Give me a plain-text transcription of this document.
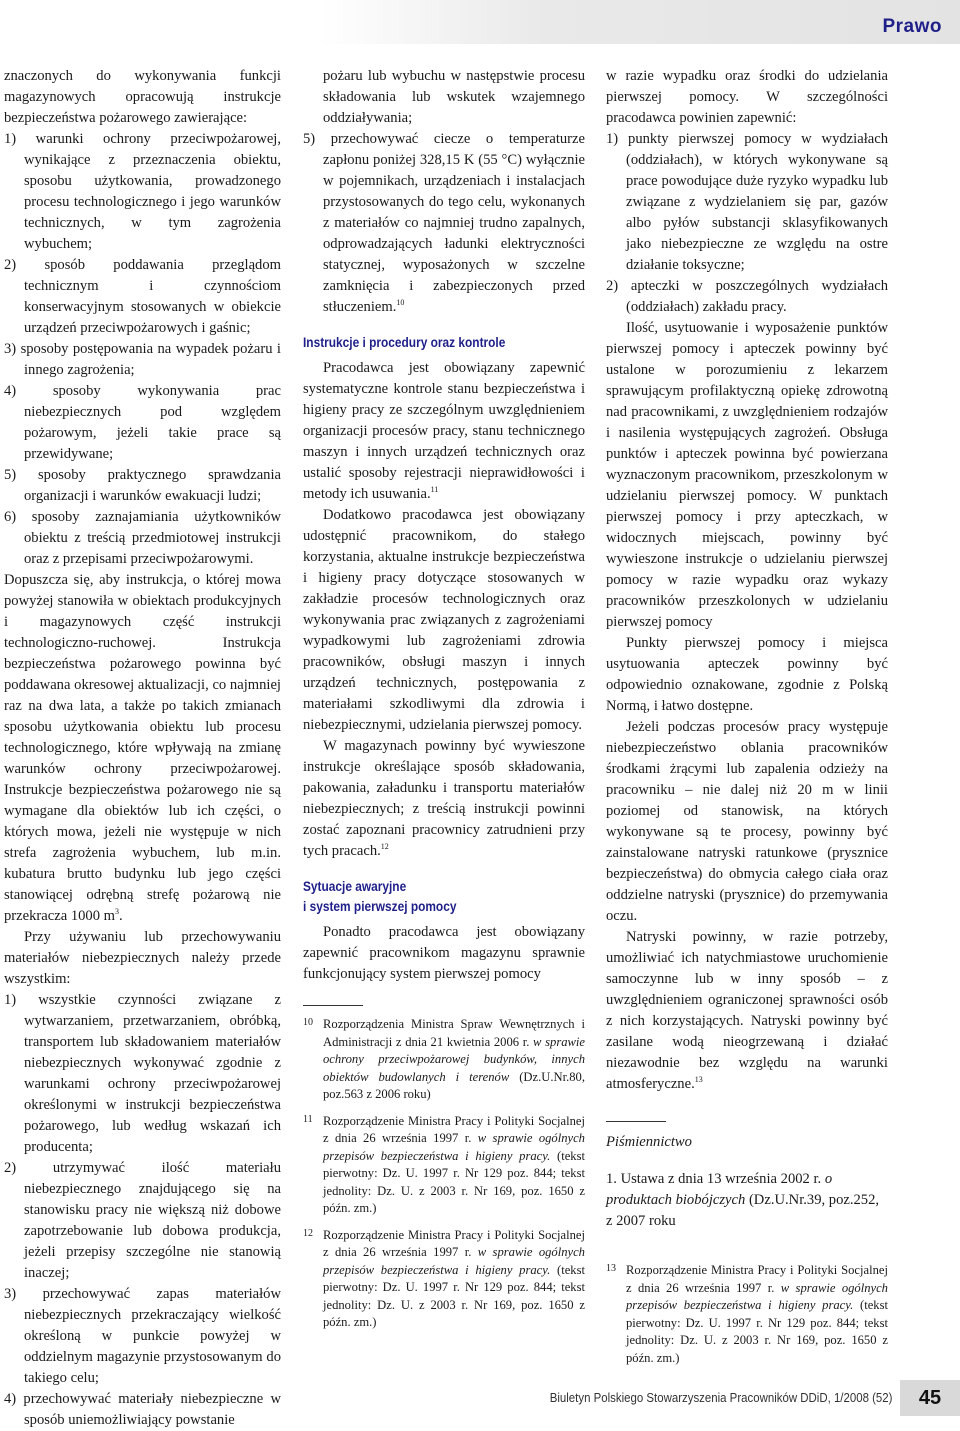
Prawo

znaczonych do wykonywania funkcji magazynowych opracowują instrukcje bezpieczeństwa pożarowego zawierające:

1) warunki ochrony przeciwpożarowej, wynikające z przeznaczenia obiektu, sposobu użytkowania, prowadzonego procesu technologicznego i jego warunków technicznych, w tym zagrożenia wybuchem;

2) sposób poddawania przeglądom technicznym i czynnościom konserwacyjnym stosowanych w obiekcie urządzeń przeciwpożarowych i gaśnic;

3) sposoby postępowania na wypadek pożaru i innego zagrożenia;

4) sposoby wykonywania prac niebezpiecznych pod względem pożarowym, jeżeli takie prace są przewidywane;

5) sposoby praktycznego sprawdzania organizacji i warunków ewakuacji ludzi;

6) sposoby zaznajamiania użytkowników obiektu z treścią przedmiotowej instrukcji oraz z przepisami przeciwpożarowymi.

Dopuszcza się, aby instrukcja, o której mowa powyżej stanowiła w obiektach produkcyjnych i magazynowych część instrukcji technologiczno-ruchowej. Instrukcja bezpieczeństwa pożarowego powinna być poddawana okresowej aktualizacji, co najmniej raz na dwa lata, a także po takich zmianach sposobu użytkowania obiektu lub procesu technologicznego, które wpływają na zmianę warunków ochrony przeciwpożarowej. Instrukcje bezpieczeństwa pożarowego nie są wymagane dla obiektów lub ich części, o których mowa, jeżeli nie występuje w nich strefa zagrożenia wybuchem, lub m.in. kubatura brutto budynku lub jego części stanowiącej odrębną strefę pożarową nie przekracza 1000 $m^3$.

Przy używaniu lub przechowywaniu materiałów niebezpiecznych należy przede wszystkim:

1) wszystkie czynności związane z wytwarzaniem, przetwarzaniem, obróbką, transportem lub składowaniem materiałów niebezpiecznych wykonywać zgodnie z warunkami ochrony przeciwpożarowej określonymi w instrukcji bezpieczeństwa pożarowego, lub według wskazań ich producenta;

2) utrzymywać ilość materiału niebezpiecznego znajdującego się na stanowisku pracy nie większą niż dobowe zapotrzebowanie lub dobowa produkcja, jeżeli przepisy szczególne nie stanowią inaczej;

3) przechowywać zapas materiałów niebezpiecznych przekraczający wielkość określoną w punkcie powyżej w oddzielnym magazynie przystosowanym do takiego celu;

4) przechowywać materiały niebezpieczne w sposób uniemożliwiający powstanie

pożaru lub wybuchu w następstwie procesu składowania lub wskutek wzajemnego oddziaływania;

5) przechowywać ciecze o temperaturze zapłonu poniżej 328,15 K (55 °C) wyłącznie w pojemnikach, urządzeniach i instalacjach przystosowanych do tego celu, wykonanych z materiałów co najmniej trudno zapalnych, odprowadzających ładunki elektryczności statycznej, wyposażonych w szczelne zamknięcia i zabezpieczonych przed stłuczeniem.$^{10}$

Instrukcje i procedury oraz kontrole

Pracodawca jest obowiązany zapewnić systematyczne kontrole stanu bezpieczeństwa i higieny pracy ze szczególnym uwzględnieniem organizacji procesów pracy, stanu technicznego maszyn i innych urządzeń technicznych oraz ustalić sposoby rejestracji nieprawidłowości i metody ich usuwania.$^{11}$

Dodatkowo pracodawca jest obowiązany udostępnić pracownikom, do stałego korzystania, aktualne instrukcje bezpieczeństwa i higieny pracy dotyczące stosowanych w zakładzie procesów technologicznych oraz wykonywania prac związanych z zagrożeniami wypadkowymi lub zagrożeniami zdrowia pracowników, obsługi maszyn i innych urządzeń technicznych, postępowania z materiałami szkodliwymi dla zdrowia i niebezpiecznymi, udzielania pierwszej pomocy.

W magazynach powinny być wywieszone instrukcje określające sposób składowania, pakowania, załadunku i transportu materiałów niebezpiecznych; z treścią instrukcji powinni zostać zapoznani pracownicy zatrudnieni przy tych pracach.$^{12}$

Sytuacje awaryjne

i system pierwszej pomocy

Ponadto pracodawca jest obowiązany zapewnić pracownikom magazynu sprawnie funkcjonujący system pierwszej pomocy

10 Rozporządzenia Ministra Spraw Wewnętrznych i Administracji z dnia 21 kwietnia 2006 r. w sprawie ochrony przeciwpożarowej budynków, innych obiektów budowlanych i terenów (Dz.U.Nr.80, poz.563 z 2006 roku)

11 Rozporządzenie Ministra Pracy i Polityki Socjalnej z dnia 26 września 1997 r. w sprawie ogólnych przepisów bezpieczeństwa i higieny pracy. (tekst pierwotny: Dz. U. 1997 r. Nr 129 poz. 844; tekst jednolity: Dz. U. z 2003 r. Nr 169, poz. 1650 z późn. zm.)

12 Rozporządzenie Ministra Pracy i Polityki Socjalnej z dnia 26 września 1997 r. w sprawie ogólnych przepisów bezpieczeństwa i higieny pracy. (tekst pierwotny: Dz. U. 1997 r. Nr 129 poz. 844; tekst jednolity: Dz. U. z 2003 r. Nr 169, poz. 1650 z późn. zm.)

w razie wypadku oraz środki do udzielania pierwszej pomocy. W szczególności pracodawca powinien zapewnić:

1) punkty pierwszej pomocy w wydziałach (oddziałach), w których wykonywane są prace powodujące duże ryzyko wypadku lub związane z wydzielaniem się par, gazów albo pyłów substancji sklasyfikowanych jako niebezpieczne ze względu na ostre działanie toksyczne;

2) apteczki w poszczególnych wydziałach (oddziałach) zakładu pracy.

Ilość, usytuowanie i wyposażenie punktów pierwszej pomocy i apteczek powinny być ustalone w porozumieniu z lekarzem sprawującym profilaktyczną opiekę zdrowotną nad pracownikami, z uwzględnieniem rodzajów i nasilenia występujących zagrożeń. Obsługa punktów i apteczek powinna być powierzana wyznaczonym pracownikom, przeszkolonym w udzielaniu pierwszej pomocy. W punktach pierwszej pomocy i przy apteczkach, w widocznych miejscach, powinny być wywieszone instrukcje o udzielaniu pierwszej pomocy w razie wypadku oraz wykazy pracowników przeszkolonych w udzielaniu pierwszej pomocy

Punkty pierwszej pomocy i miejsca usytuowania apteczek powinny być odpowiednio oznakowane, zgodnie z Polską Normą, i łatwo dostępne.

Jeżeli podczas procesów pracy występuje niebezpieczeństwo oblania pracowników środkami żrącymi lub zapalenia odzieży na pracowniku – nie dalej niż 20 m w linii poziomej od stanowisk, na których wykonywane są te procesy, powinny być zainstalowane natryski ratunkowe (prysznice bezpieczeństwa) do obmycia całego ciała oraz oddzielne natryski (prysznice) do przemywania oczu.

Natryski powinny, w razie potrzeby, umożliwiać ich natychmiastowe uruchomienie samoczynne lub w inny sposób – z uwzględnieniem ograniczonej sprawności osób z nich korzystających. Natryski powinny być zasilane wodą nieogrzewaną i działać niezawodnie bez względu na warunki atmosferyczne.$^{13}$

Piśmiennictwo

1. Ustawa z dnia 13 września 2002 r. o produktach biobójczych (Dz.U.Nr.39, poz.252, z 2007 roku

13 Rozporządzenie Ministra Pracy i Polityki Socjalnej z dnia 26 września 1997 r. w sprawie ogólnych przepisów bezpieczeństwa i higieny pracy. (tekst pierwotny: Dz. U. 1997 r. Nr 129 poz. 844; tekst jednolity: Dz. U. z 2003 r. Nr 169, poz. 1650 z późn. zm.)

Biuletyn Polskiego Stowarzyszenia Pracowników DDiD, 1/2008 (52)	45
